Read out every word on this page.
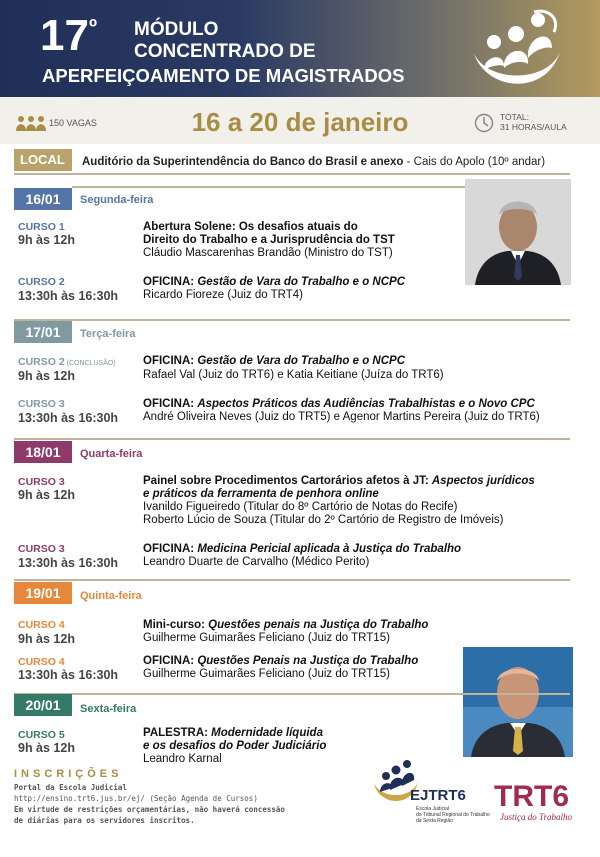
$17^º$ MÓDULO
CONCENTRADO DE
APERFEIÇOAMENTO DE MAGISTRADOS
150 VAGAS	16 a 20 de janeiro	TOTAL:
31 HORAS/AULA
LOCAL	Auditório da Superintendência do Banco do Brasil e anexo - Cais do Apolo (10º andar)
16/01	Segunda-feira
CURSO 1
9h às 12h
Abertura Solene: Os desafios atuais do
Direito do Trabalho e a Jurisprudência do TST
Cláudio Mascarenhas Brandão (Ministro do TST)
CURSO 2
13:30h às 16:30h
OFICINA: Gestão de Vara do Trabalho e o NCPC
Ricardo Fioreze (Juiz do TRT4)
17/01	Terça-feira
CURSO 2 (CONCLUSÃO)
9h às 12h
OFICINA: Gestão de Vara do Trabalho e o NCPC
Rafael Val (Juiz do TRT6) e Katia Keitiane (Juíza do TRT6)
CURSO 3
13:30h às 16:30h
OFICINA: Aspectos Práticos das Audiências Trabalhistas e o Novo CPC
André Oliveira Neves (Juiz do TRT5) e Agenor Martins Pereira (Juiz do TRT6)
18/01	Quarta-feira
CURSO 3
9h às 12h
Painel sobre Procedimentos Cartorários afetos à JT: Aspectos jurídicos
e práticos da ferramenta de penhora online
Ivanildo Figueiredo (Titular do 8º Cartório de Notas do Recife)
Roberto Lúcio de Souza (Titular do 2º Cartório de Registro de Imóveis)
CURSO 3
13:30h às 16:30h
OFICINA: Medicina Pericial aplicada à Justiça do Trabalho
Leandro Duarte de Carvalho (Médico Perito)
19/01	Quinta-feira
CURSO 4
9h às 12h
Mini-curso: Questões penais na Justiça do Trabalho
Guilherme Guimarães Feliciano (Juiz do TRT15)
CURSO 4
13:30h às 16:30h
OFICINA: Questões Penais na Justiça do Trabalho
Guilherme Guimarães Feliciano (Juiz do TRT15)
20/01	Sexta-feira
CURSO 5
9h às 12h
PALESTRA: Modernidade líquida
e os desafios do Poder Judiciário
Leandro Karnal
INSCRIÇÕES
Portal da Escola Judicial
http://ensino.trt6.jus.br/ej/ (Seção Agenda de Cursos)
Em virtude de restrições orçamentárias, não haverá concessão
de diárias para os servidores inscritos.
EJTRT6
Escola Judicial
do Tribunal Regional do Trabalho
da Sexta Região
TRT6
Justiça do Trabalho
